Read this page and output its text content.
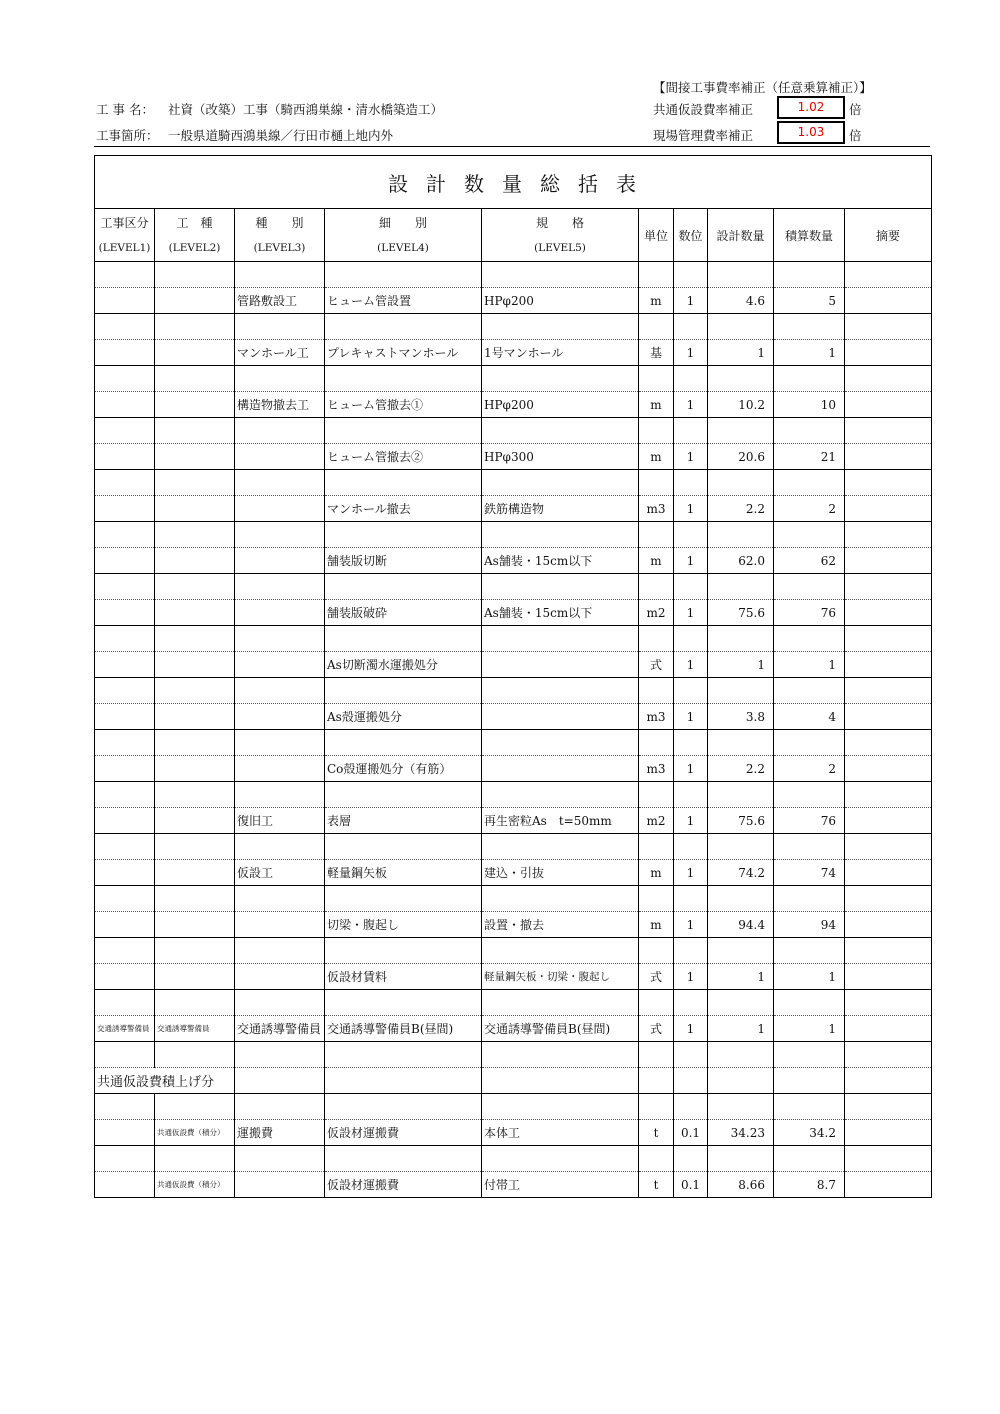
【間接工事費率補正（任意乗算補正）】
工 事 名： 社資（改築）工事（騎西鴻巣線・清水橋築造工）
工事箇所： 一般県道騎西鴻巣線／行田市樋上地内外
共通仮設費率補正	1.02	倍
現場管理費率補正	1.03	倍
設計数量総括表									
工事区分	工　種	種　　別	細　　別	規　　格	単位	数位	設計数量	積算数量	摘要
(LEVEL1)	(LEVEL2)	(LEVEL3)	(LEVEL4)	(LEVEL5)					

		管路敷設工	ヒューム管設置	HPφ200	m	1	4.6	5	

		マンホール工	プレキャストマンホール	1号マンホール	基	1	1	1	

		構造物撤去工	ヒューム管撤去①	HPφ200	m	1	10.2	10	

			ヒューム管撤去②	HPφ300	m	1	20.6	21	

			マンホール撤去	鉄筋構造物	m3	1	2.2	2	

			舗装版切断	As舗装・15cm以下	m	1	62.0	62	

			舗装版破砕	As舗装・15cm以下	m2	1	75.6	76	

			As切断濁水運搬処分		式	1	1	1	

			As殻運搬処分		m3	1	3.8	4	

			Co殻運搬処分（有筋）		m3	1	2.2	2	

		復旧工	表層	再生密粒As　t=50mm	m2	1	75.6	76	

		仮設工	軽量鋼矢板	建込・引抜	m	1	74.2	74	

			切梁・腹起し	設置・撤去	m	1	94.4	94	

			仮設材賃料	軽量鋼矢板・切梁・腹起し	式	1	1	1	

交通誘導警備員	交通誘導警備員	交通誘導警備員	交通誘導警備員B(昼間)	交通誘導警備員B(昼間)	式	1	1	1	

共通仮設費積上げ分									

	共通仮設費（積分）	運搬費	仮設材運搬費	本体工	t	0.1	34.23	34.2	

	共通仮設費（積分）		仮設材運搬費	付帯工	t	0.1	8.66	8.7	
